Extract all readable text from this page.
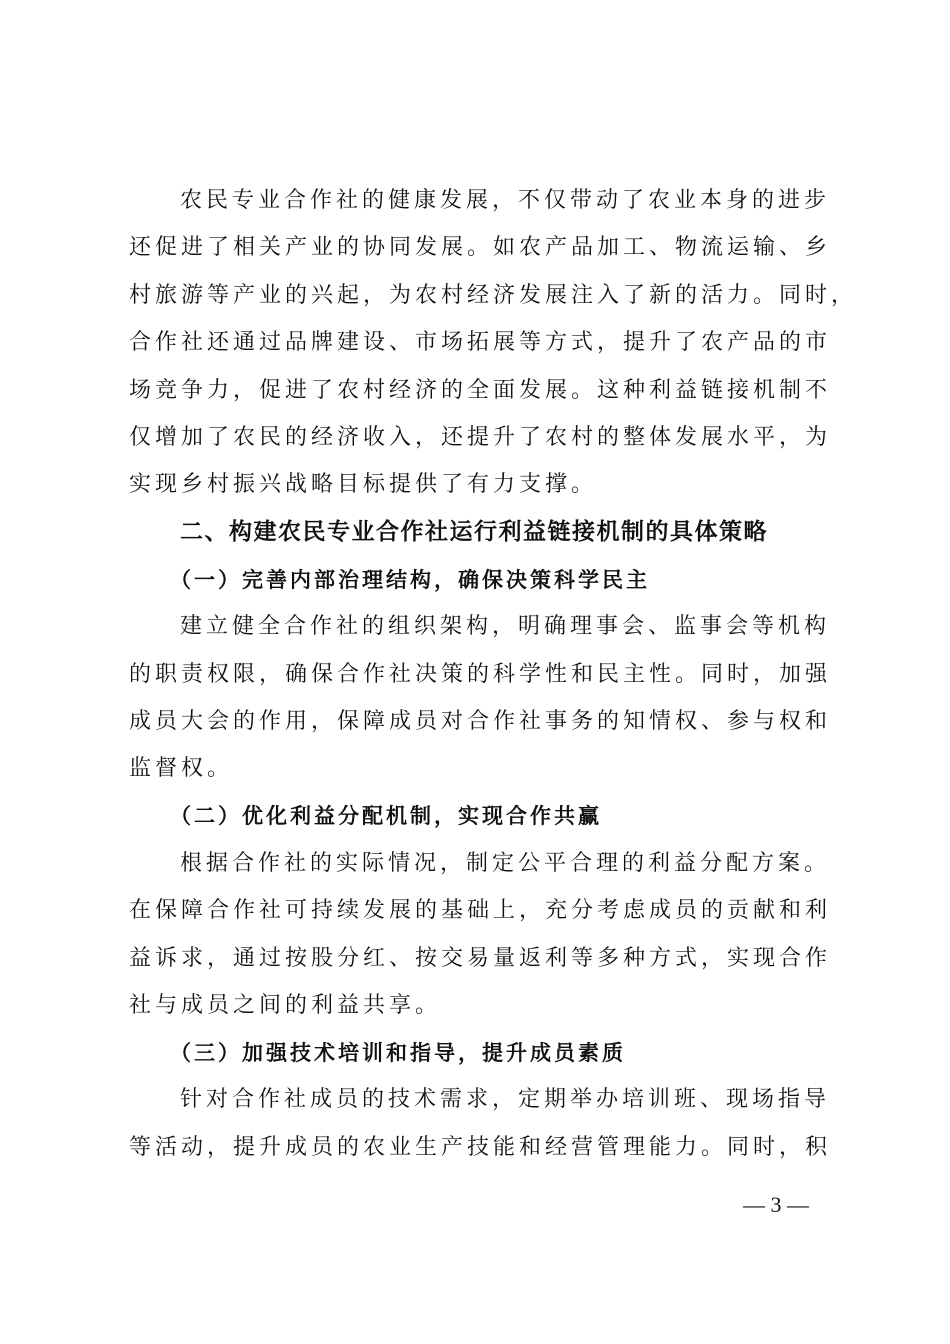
农民专业合作社的健康发展，不仅带动了农业本身的进步
还促进了相关产业的协同发展。如农产品加工、物流运输、乡
村旅游等产业的兴起，为农村经济发展注入了新的活力。同时，
合作社还通过品牌建设、市场拓展等方式，提升了农产品的市
场竞争力，促进了农村经济的全面发展。这种利益链接机制不
仅增加了农民的经济收入，还提升了农村的整体发展水平，为
实现乡村振兴战略目标提供了有力支撑。
二、构建农民专业合作社运行利益链接机制的具体策略
（一）完善内部治理结构，确保决策科学民主
建立健全合作社的组织架构，明确理事会、监事会等机构
的职责权限，确保合作社决策的科学性和民主性。同时，加强
成员大会的作用，保障成员对合作社事务的知情权、参与权和
监督权。
（二）优化利益分配机制，实现合作共赢
根据合作社的实际情况，制定公平合理的利益分配方案。
在保障合作社可持续发展的基础上，充分考虑成员的贡献和利
益诉求，通过按股分红、按交易量返利等多种方式，实现合作
社与成员之间的利益共享。
（三）加强技术培训和指导，提升成员素质
针对合作社成员的技术需求，定期举办培训班、现场指导
等活动，提升成员的农业生产技能和经营管理能力。同时，积
— 3 —
